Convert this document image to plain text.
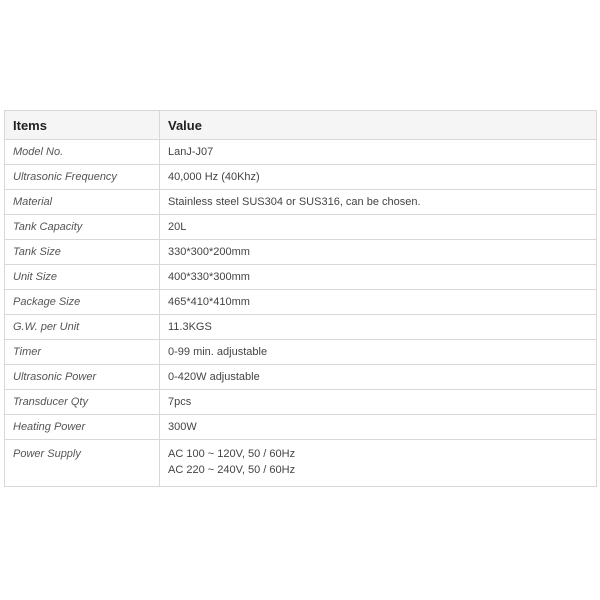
Items	Value
Model No.	LanJ-J07

Ultrasonic Frequency	40,000 Hz (40Khz)

Material	Stainless steel SUS304 or SUS316, can be chosen.

Tank Capacity	20L

Tank Size	330*300*200mm

Unit Size	400*330*300mm

Package Size	465*410*410mm

G.W. per Unit	11.3KGS

Timer	0-99 min. adjustable

Ultrasonic Power	0-420W adjustable

Transducer Qty	7pcs

Heating Power	300W

Power Supply	AC 100 ~ 120V, 50 / 60Hz
AC 220 ~ 240V, 50 / 60Hz
